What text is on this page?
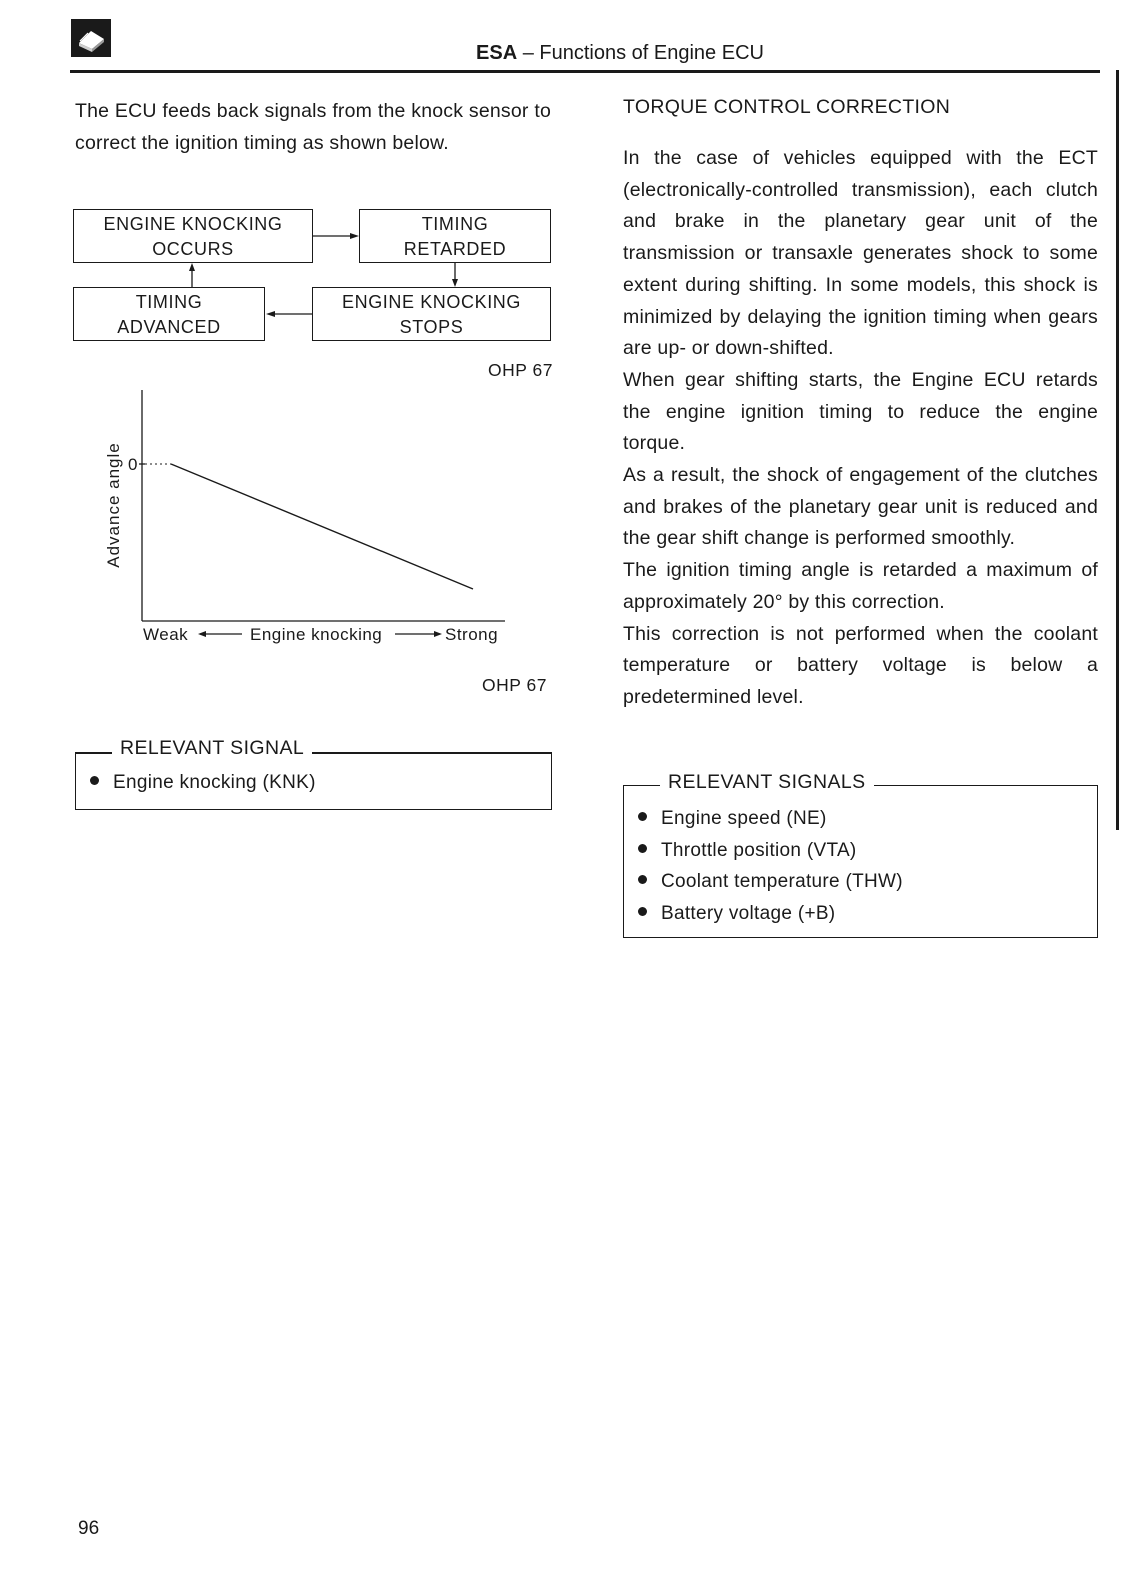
ESA – Functions of Engine ECU
The ECU feeds back signals from the knock sensor to correct the ignition timing as shown below.
ENGINE KNOCKING
OCCURS
TIMING
RETARDED
TIMING
ADVANCED
ENGINE KNOCKING
STOPS
OHP 67
0
Advance angle
Weak	Engine knocking	Strong
OHP 67
RELEVANT SIGNAL
Engine knocking (KNK)
TORQUE CONTROL CORRECTION

In the case of vehicles equipped with the ECT (electronically-controlled transmission), each clutch and brake in the planetary gear unit of the transmission or transaxle generates shock to some extent during shifting. In some models, this shock is minimized by delaying the ignition timing when gears are up- or down-shifted.

When gear shifting starts, the Engine ECU retards the engine ignition timing to reduce the engine torque.

As a result, the shock of engagement of the clutches and brakes of the planetary gear unit is reduced and the gear shift change is performed smoothly.

The ignition timing angle is retarded a maximum of approximately 20° by this correction.

This correction is not performed when the coolant temperature or battery voltage is below a predetermined level.

RELEVANT SIGNALS
Engine speed (NE)
Throttle position (VTA)
Coolant temperature (THW)
Battery voltage (+B)
96
